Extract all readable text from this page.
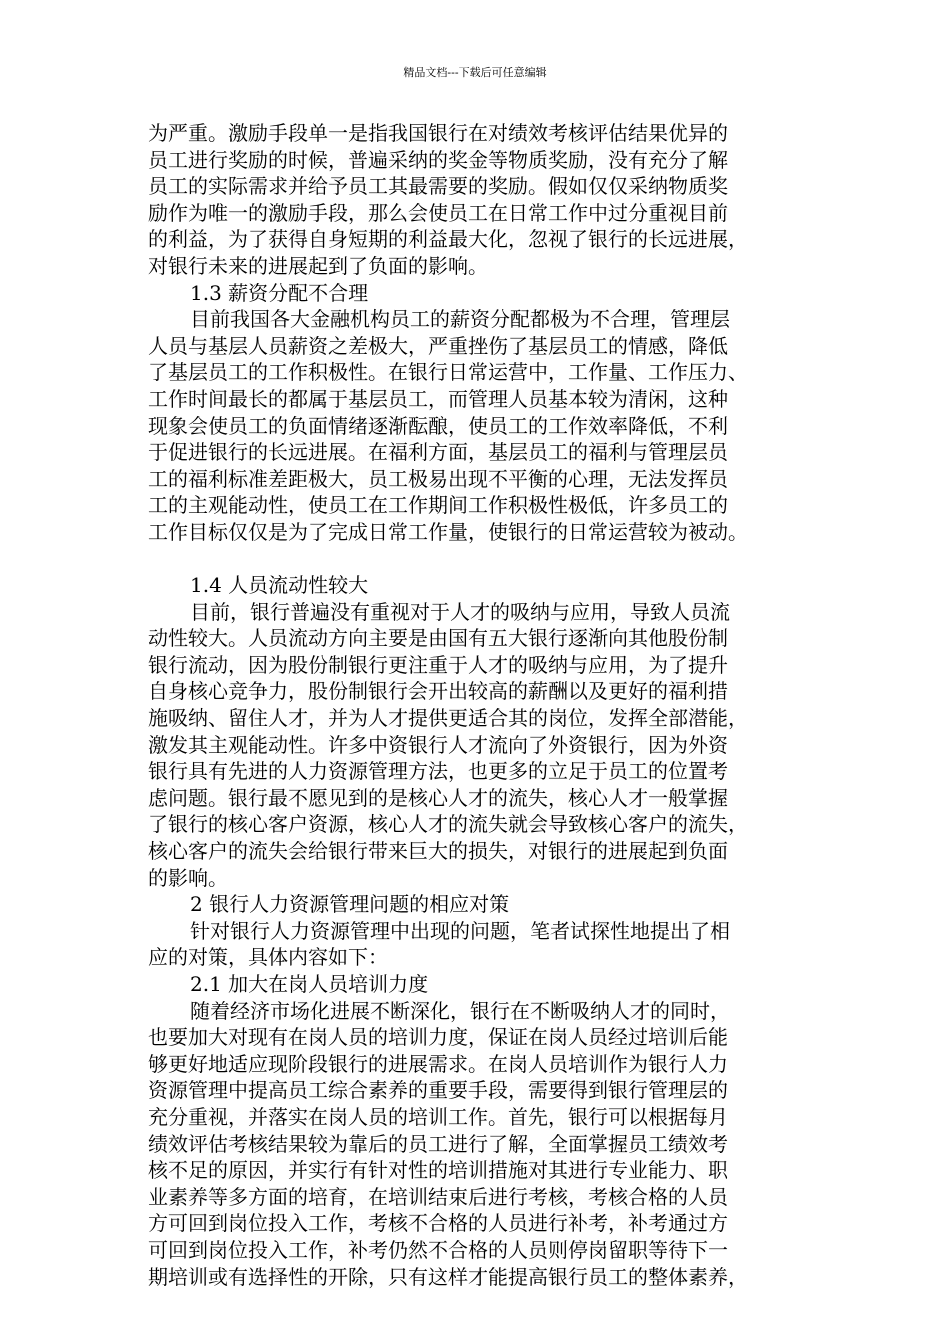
精品文档---下载后可任意编辑
为严重。激励手段单一是指我国银行在对绩效考核评估结果优异的
员工进行奖励的时候，普遍采纳的奖金等物质奖励，没有充分了解
员工的实际需求并给予员工其最需要的奖励。假如仅仅采纳物质奖
励作为唯一的激励手段，那么会使员工在日常工作中过分重视目前
的利益，为了获得自身短期的利益最大化，忽视了银行的长远进展，
对银行未来的进展起到了负面的影响。
1.3 薪资分配不合理
目前我国各大金融机构员工的薪资分配都极为不合理，管理层
人员与基层人员薪资之差极大，严重挫伤了基层员工的情感，降低
了基层员工的工作积极性。在银行日常运营中，工作量、工作压力、
工作时间最长的都属于基层员工，而管理人员基本较为清闲，这种
现象会使员工的负面情绪逐渐酝酿，使员工的工作效率降低，不利
于促进银行的长远进展。在福利方面，基层员工的福利与管理层员
工的福利标准差距极大，员工极易出现不平衡的心理，无法发挥员
工的主观能动性，使员工在工作期间工作积极性极低，许多员工的
工作目标仅仅是为了完成日常工作量，使银行的日常运营较为被动。
1.4 人员流动性较大
目前，银行普遍没有重视对于人才的吸纳与应用，导致人员流
动性较大。人员流动方向主要是由国有五大银行逐渐向其他股份制
银行流动，因为股份制银行更注重于人才的吸纳与应用，为了提升
自身核心竞争力，股份制银行会开出较高的薪酬以及更好的福利措
施吸纳、留住人才，并为人才提供更适合其的岗位，发挥全部潜能，
激发其主观能动性。许多中资银行人才流向了外资银行，因为外资
银行具有先进的人力资源管理方法，也更多的立足于员工的位置考
虑问题。银行最不愿见到的是核心人才的流失，核心人才一般掌握
了银行的核心客户资源，核心人才的流失就会导致核心客户的流失，
核心客户的流失会给银行带来巨大的损失，对银行的进展起到负面
的影响。
2 银行人力资源管理问题的相应对策
针对银行人力资源管理中出现的问题，笔者试探性地提出了相
应的对策，具体内容如下：
2.1 加大在岗人员培训力度
随着经济市场化进展不断深化，银行在不断吸纳人才的同时，
也要加大对现有在岗人员的培训力度，保证在岗人员经过培训后能
够更好地适应现阶段银行的进展需求。在岗人员培训作为银行人力
资源管理中提高员工综合素养的重要手段，需要得到银行管理层的
充分重视，并落实在岗人员的培训工作。首先，银行可以根据每月
绩效评估考核结果较为靠后的员工进行了解，全面掌握员工绩效考
核不足的原因，并实行有针对性的培训措施对其进行专业能力、职
业素养等多方面的培育，在培训结束后进行考核，考核合格的人员
方可回到岗位投入工作，考核不合格的人员进行补考，补考通过方
可回到岗位投入工作，补考仍然不合格的人员则停岗留职等待下一
期培训或有选择性的开除，只有这样才能提高银行员工的整体素养，
